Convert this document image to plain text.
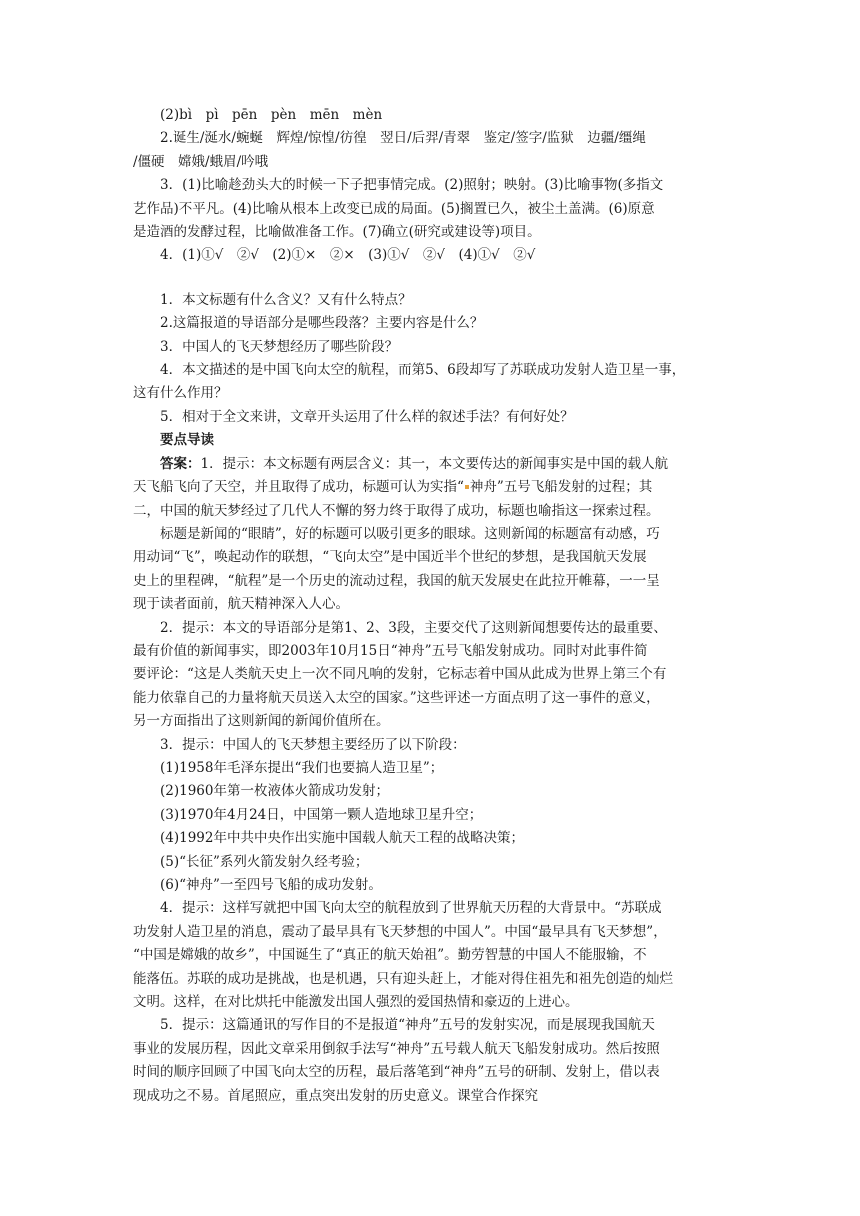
(2)bì　pì　pēn　pèn　mēn　mèn
2.诞生/涎水/蜿蜒　辉煌/惊惶/彷徨　翌日/后羿/青翠　鉴定/签字/监狱　边疆/缰绳
/僵硬　嫦娥/蛾眉/吟哦
3．(1)比喻趁劲头大的时候一下子把事情完成。(2)照射；映射。(3)比喻事物(多指文
艺作品)不平凡。(4)比喻从根本上改变已成的局面。(5)搁置已久，被尘土盖满。(6)原意
是造酒的发酵过程，比喻做准备工作。(7)确立(研究或建设等)项目。
4．(1)①√　②√　(2)①×　②×　(3)①√　②√　(4)①√　②√
1．本文标题有什么含义？又有什么特点？
2.这篇报道的导语部分是哪些段落？主要内容是什么？
3．中国人的飞天梦想经历了哪些阶段？
4．本文描述的是中国飞向太空的航程，而第5、6段却写了苏联成功发射人造卫星一事，
这有什么作用？
5．相对于全文来讲，文章开头运用了什么样的叙述手法？有何好处？
要点导读
答案：1．提示：本文标题有两层含义：其一，本文要传达的新闻事实是中国的载人航
天飞船飞向了天空，并且取得了成功，标题可认为实指“ 神舟”五号飞船发射的过程；其
二，中国的航天梦经过了几代人不懈的努力终于取得了成功，标题也喻指这一探索过程。
标题是新闻的“眼睛”，好的标题可以吸引更多的眼球。这则新闻的标题富有动感，巧
用动词“飞”，唤起动作的联想，“飞向太空”是中国近半个世纪的梦想，是我国航天发展
史上的里程碑，“航程”是一个历史的流动过程，我国的航天发展史在此拉开帷幕，一一呈
现于读者面前，航天精神深入人心。
2．提示：本文的导语部分是第1、2、3段，主要交代了这则新闻想要传达的最重要、
最有价值的新闻事实，即2003年10月15日“神舟”五号飞船发射成功。同时对此事件简
要评论：“这是人类航天史上一次不同凡响的发射，它标志着中国从此成为世界上第三个有
能力依靠自己的力量将航天员送入太空的国家。”这些评述一方面点明了这一事件的意义，
另一方面指出了这则新闻的新闻价值所在。
3．提示：中国人的飞天梦想主要经历了以下阶段：
(1)1958年毛泽东提出“我们也要搞人造卫星”；
(2)1960年第一枚液体火箭成功发射；
(3)1970年4月24日，中国第一颗人造地球卫星升空；
(4)1992年中共中央作出实施中国载人航天工程的战略决策；
(5)“长征”系列火箭发射久经考验；
(6)“神舟”一至四号飞船的成功发射。
4．提示：这样写就把中国飞向太空的航程放到了世界航天历程的大背景中。“苏联成
功发射人造卫星的消息，震动了最早具有飞天梦想的中国人”。中国“最早具有飞天梦想”，
“中国是嫦娥的故乡”，中国诞生了“真正的航天始祖”。勤劳智慧的中国人不能服输，不
能落伍。苏联的成功是挑战，也是机遇，只有迎头赶上，才能对得住祖先和祖先创造的灿烂
文明。这样，在对比烘托中能激发出国人强烈的爱国热情和豪迈的上进心。
5．提示：这篇通讯的写作目的不是报道“神舟”五号的发射实况，而是展现我国航天
事业的发展历程，因此文章采用倒叙手法写“神舟”五号载人航天飞船发射成功。然后按照
时间的顺序回顾了中国飞向太空的历程，最后落笔到“神舟”五号的研制、发射上，借以表
现成功之不易。首尾照应，重点突出发射的历史意义。课堂合作探究
